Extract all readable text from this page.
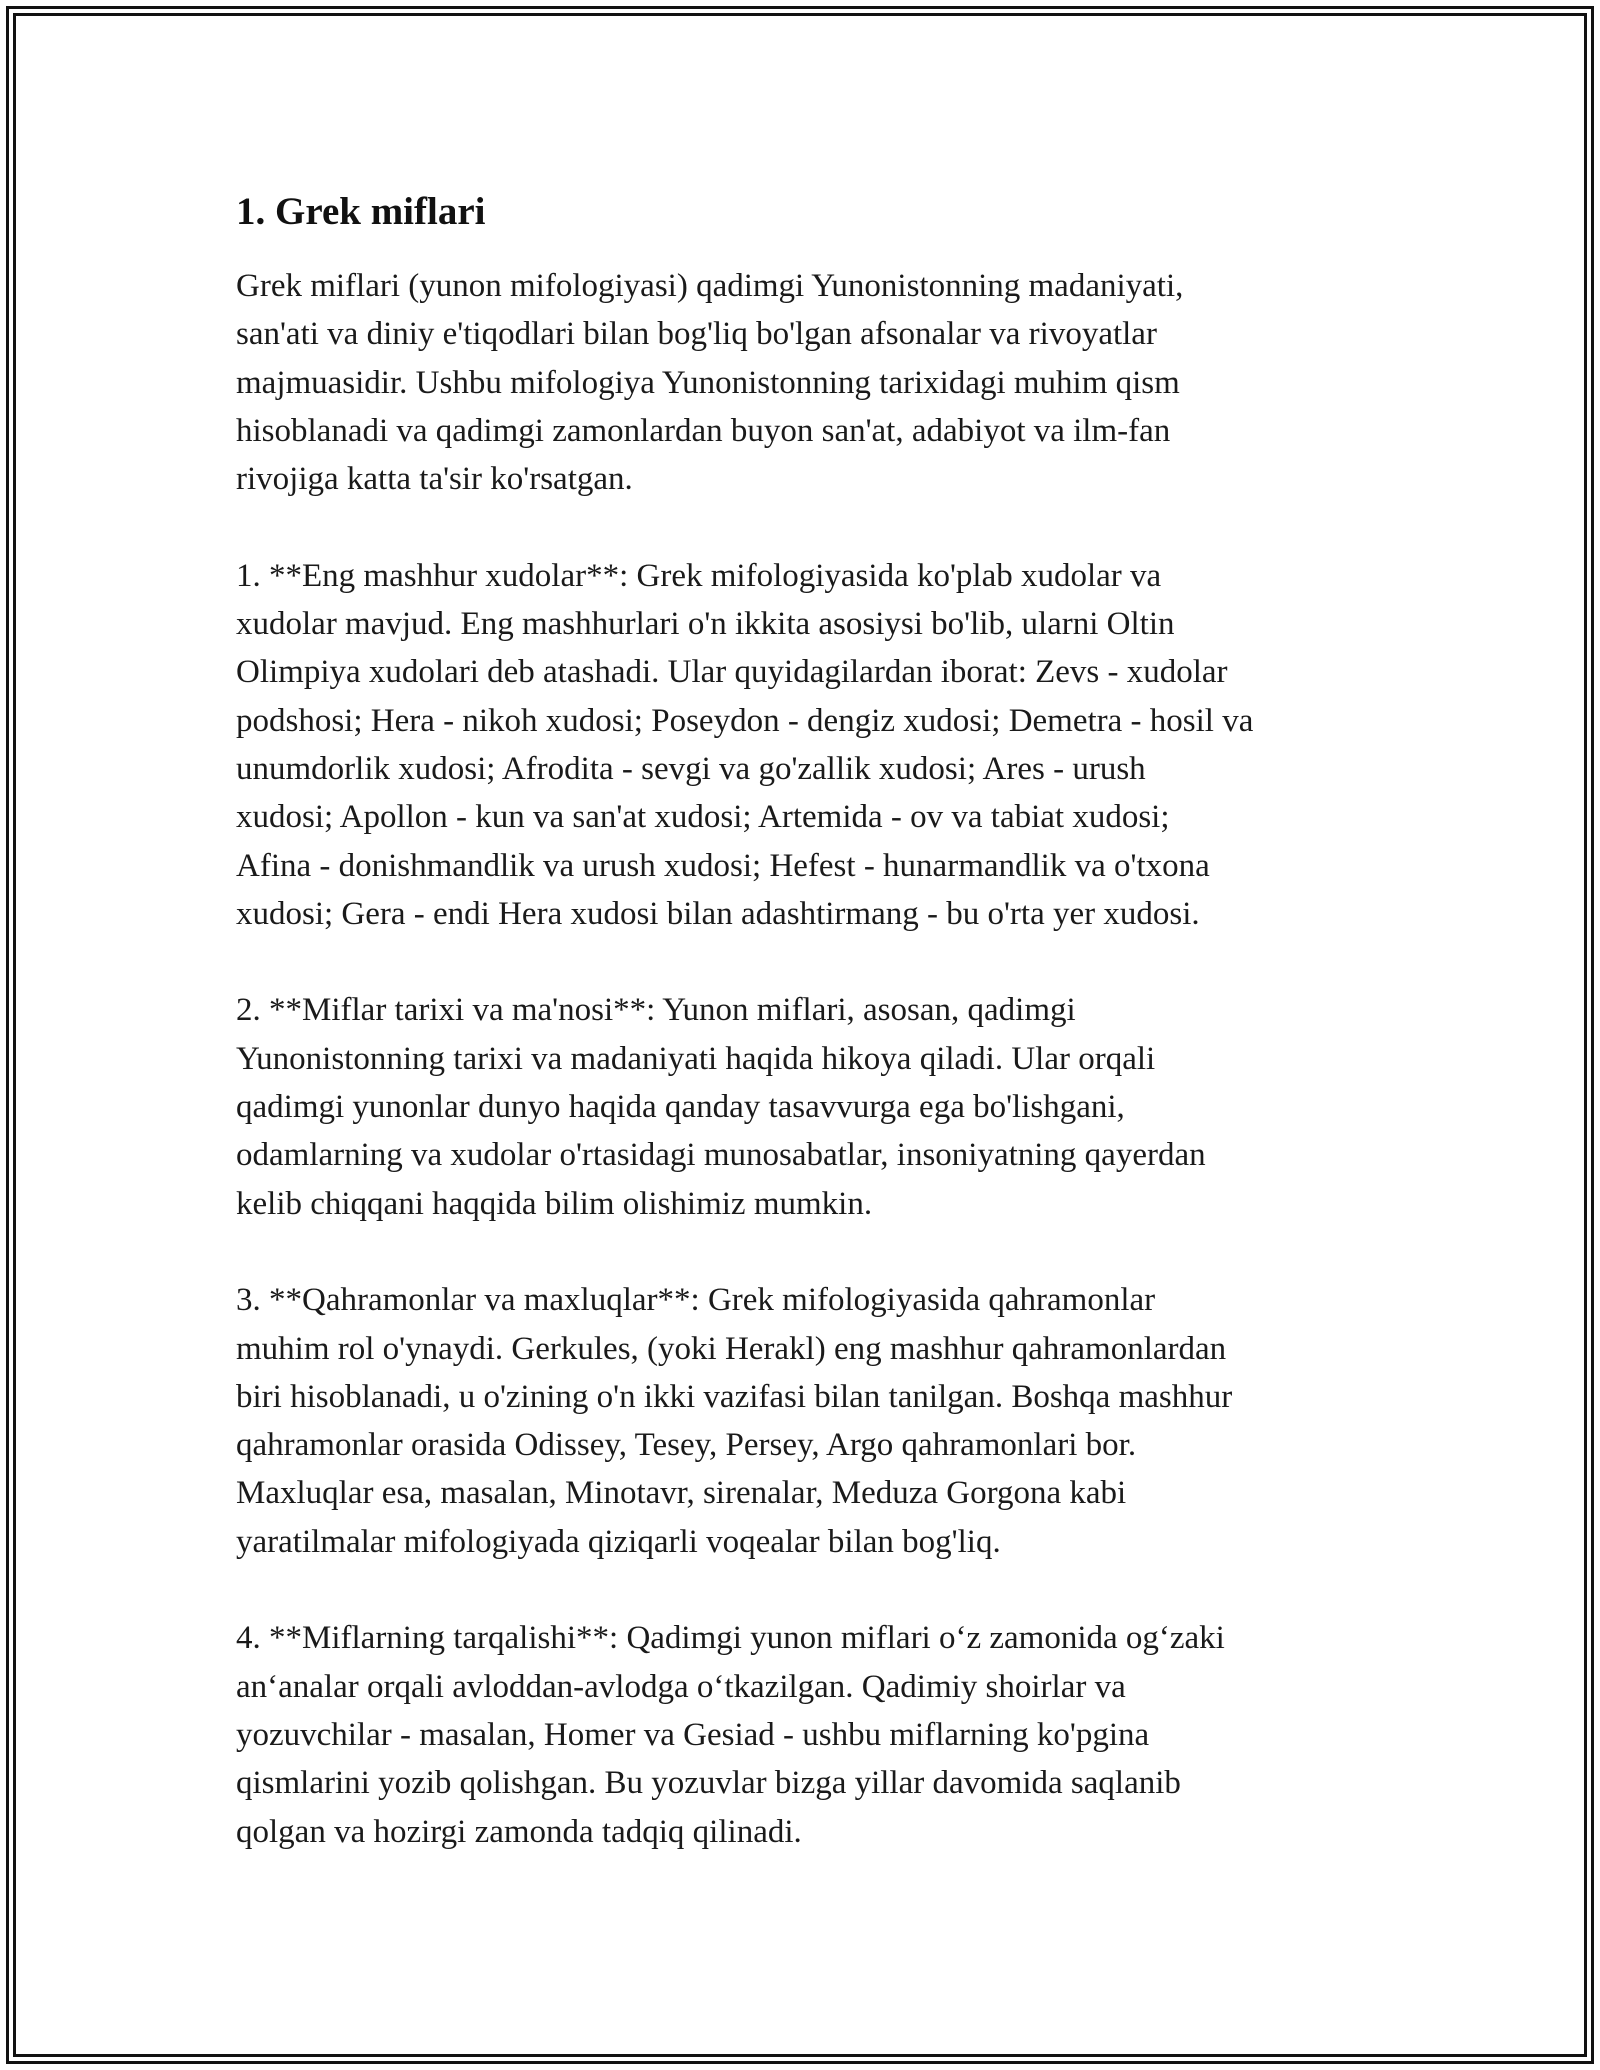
1. Grek miflari

Grek miflari (yunon mifologiyasi) qadimgi Yunonistonning madaniyati,
san'ati va diniy e'tiqodlari bilan bog'liq bo'lgan afsonalar va rivoyatlar
majmuasidir. Ushbu mifologiya Yunonistonning tarixidagi muhim qism
hisoblanadi va qadimgi zamonlardan buyon san'at, adabiyot va ilm-fan
rivojiga katta ta'sir ko'rsatgan.

1. **Eng mashhur xudolar**: Grek mifologiyasida ko'plab xudolar va
xudolar mavjud. Eng mashhurlari o'n ikkita asosiysi bo'lib, ularni Oltin
Olimpiya xudolari deb atashadi. Ular quyidagilardan iborat: Zevs - xudolar
podshosi; Hera - nikoh xudosi; Poseydon - dengiz xudosi; Demetra - hosil va
unumdorlik xudosi; Afrodita - sevgi va go'zallik xudosi; Ares - urush
xudosi; Apollon - kun va san'at xudosi; Artemida - ov va tabiat xudosi;
Afina - donishmandlik va urush xudosi; Hefest - hunarmandlik va o'txona
xudosi; Gera - endi Hera xudosi bilan adashtirmang - bu o'rta yer xudosi.

2. **Miflar tarixi va ma'nosi**: Yunon miflari, asosan, qadimgi
Yunonistonning tarixi va madaniyati haqida hikoya qiladi. Ular orqali
qadimgi yunonlar dunyo haqida qanday tasavvurga ega bo'lishgani,
odamlarning va xudolar o'rtasidagi munosabatlar, insoniyatning qayerdan
kelib chiqqani haqqida bilim olishimiz mumkin.

3. **Qahramonlar va maxluqlar**: Grek mifologiyasida qahramonlar
muhim rol o'ynaydi. Gerkules, (yoki Herakl) eng mashhur qahramonlardan
biri hisoblanadi, u o'zining o'n ikki vazifasi bilan tanilgan. Boshqa mashhur
qahramonlar orasida Odissey, Tesey, Persey, Argo qahramonlari bor.
Maxluqlar esa, masalan, Minotavr, sirenalar, Meduza Gorgona kabi
yaratilmalar mifologiyada qiziqarli voqealar bilan bog'liq.

4. **Miflarning tarqalishi**: Qadimgi yunon miflari o‘z zamonida og‘zaki
an‘analar orqali avloddan-avlodga o‘tkazilgan. Qadimiy shoirlar va
yozuvchilar - masalan, Homer va Gesiad - ushbu miflarning ko'pgina
qismlarini yozib qolishgan. Bu yozuvlar bizga yillar davomida saqlanib
qolgan va hozirgi zamonda tadqiq qilinadi.
